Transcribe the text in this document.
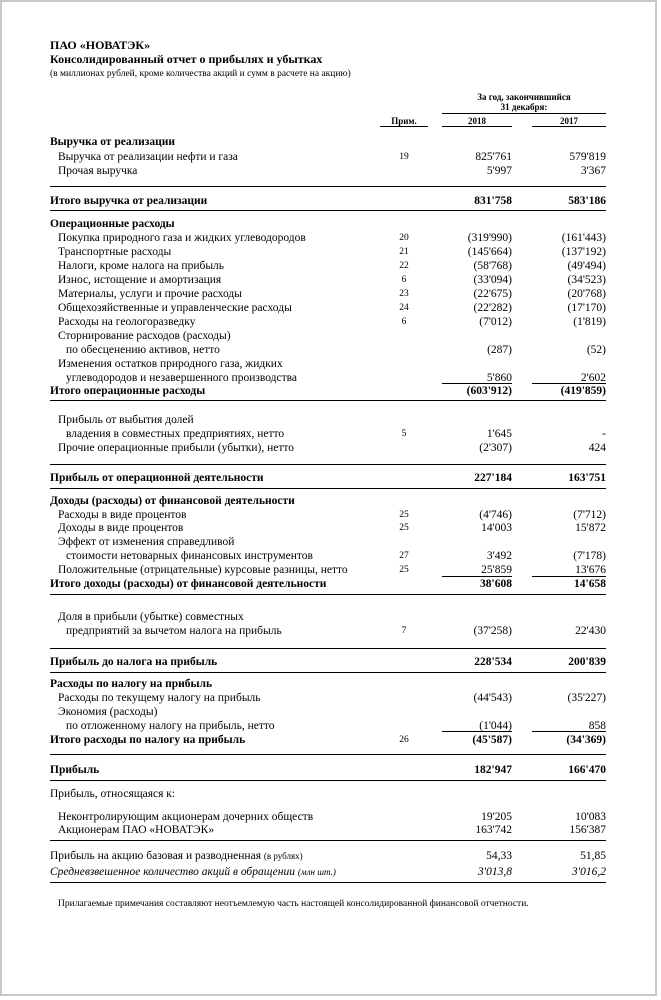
ПАО «НОВАТЭК»
Консолидированный отчет о прибылях и убытках
(в миллионах рублей, кроме количества акций и сумм в расчете на акцию)
За год, закончившийся
31 декабря:
Прим.	2018	2017
Выручка от реализации
Выручка от реализации нефти и газа	19	825'761	579'819
Прочая выручка	5'997	3'367
Итого выручка от реализации	831'758	583'186
Операционные расходы
Покупка природного газа и жидких углеводородов	20	(319'990)	(161'443)
Транспортные расходы	21	(145'664)	(137'192)
Налоги, кроме налога на прибыль	22	(58'768)	(49'494)
Износ, истощение и амортизация	6	(33'094)	(34'523)
Материалы, услуги и прочие расходы	23	(22'675)	(20'768)
Общехозяйственные и управленческие расходы	24	(22'282)	(17'170)
Расходы на геологоразведку	6	(7'012)	(1'819)
Сторнирование расходов (расходы)
по обесценению активов, нетто	(287)	(52)
Изменения остатков природного газа, жидких
углеводородов и незавершенного производства	5'860	2'602
Итого операционные расходы	(603'912)	(419'859)
Прибыль от выбытия долей
владения в совместных предприятиях, нетто	5	1'645	-
Прочие операционные прибыли (убытки), нетто	(2'307)	424
Прибыль от операционной деятельности	227'184	163'751
Доходы (расходы) от финансовой деятельности
Расходы в виде процентов	25	(4'746)	(7'712)
Доходы в виде процентов	25	14'003	15'872
Эффект от изменения справедливой
стоимости нетоварных финансовых инструментов	27	3'492	(7'178)
Положительные (отрицательные) курсовые разницы, нетто	25	25'859	13'676
Итого доходы (расходы) от финансовой деятельности	38'608	14'658
Доля в прибыли (убытке) совместных
предприятий за вычетом налога на прибыль	7	(37'258)	22'430
Прибыль до налога на прибыль	228'534	200'839
Расходы по налогу на прибыль
Расходы по текущему налогу на прибыль	(44'543)	(35'227)
Экономия (расходы)
по отложенному налогу на прибыль, нетто	(1'044)	858
Итого расходы по налогу на прибыль	26	(45'587)	(34'369)
Прибыль	182'947	166'470
Прибыль, относящаяся к:
Неконтролирующим акционерам дочерних обществ	19'205	10'083
Акционерам ПАО «НОВАТЭК»	163'742	156'387
Прибыль на акцию базовая и разводненная (в рублях)	54,33	51,85
Средневзвешенное количество акций в обращении (млн шт.)	3'013,8	3'016,2
Прилагаемые примечания составляют неотъемлемую часть настоящей консолидированной финансовой отчетности.
